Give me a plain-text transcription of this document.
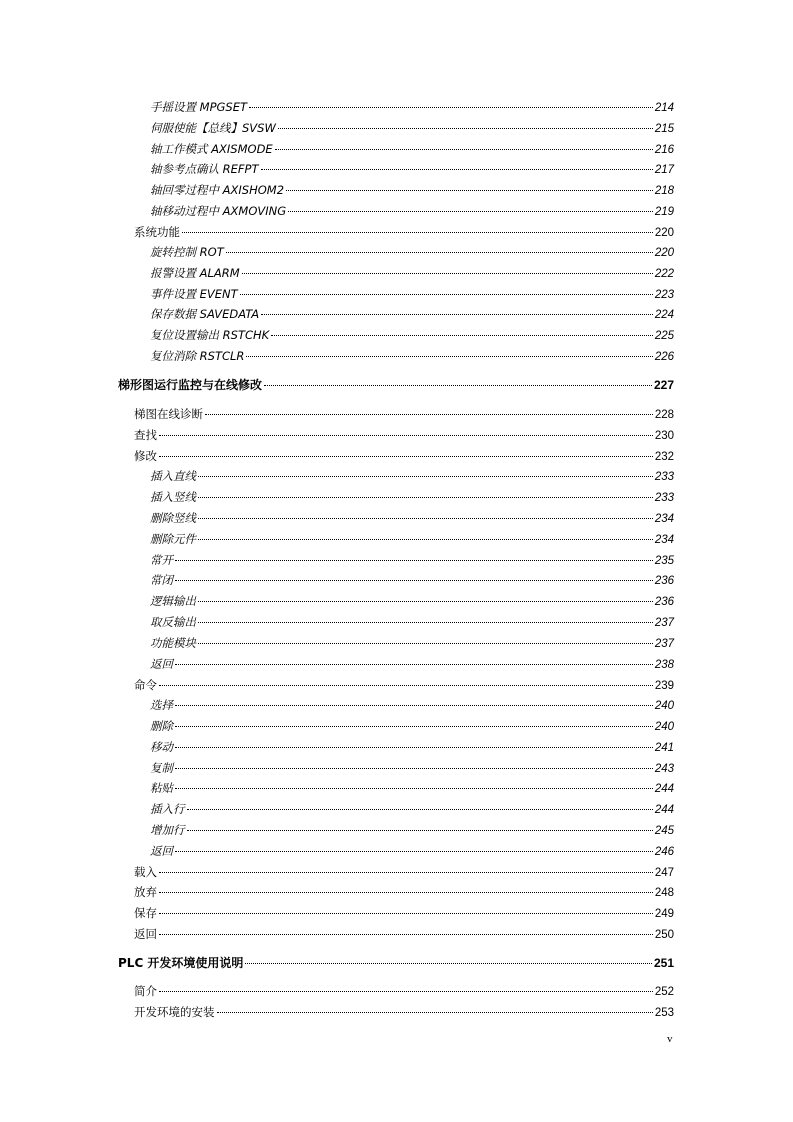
手摇设置 MPGSET	214
伺服使能【总线】SVSW	215
轴工作模式 AXISMODE	216
轴参考点确认 REFPT	217
轴回零过程中 AXISHOM2	218
轴移动过程中 AXMOVING	219
系统功能	220
旋转控制 ROT	220
报警设置 ALARM	222
事件设置 EVENT	223
保存数据 SAVEDATA	224
复位设置输出 RSTCHK	225
复位消除 RSTCLR	226
梯形图运行监控与在线修改	227
梯图在线诊断	228
查找	230
修改	232
插入直线	233
插入竖线	233
删除竖线	234
删除元件	234
常开	235
常闭	236
逻辑输出	236
取反输出	237
功能模块	237
返回	238
命令	239
选择	240
删除	240
移动	241
复制	243
粘贴	244
插入行	244
增加行	245
返回	246
载入	247
放弃	248
保存	249
返回	250
PLC 开发环境使用说明	251
简介	252
开发环境的安装	253
v
